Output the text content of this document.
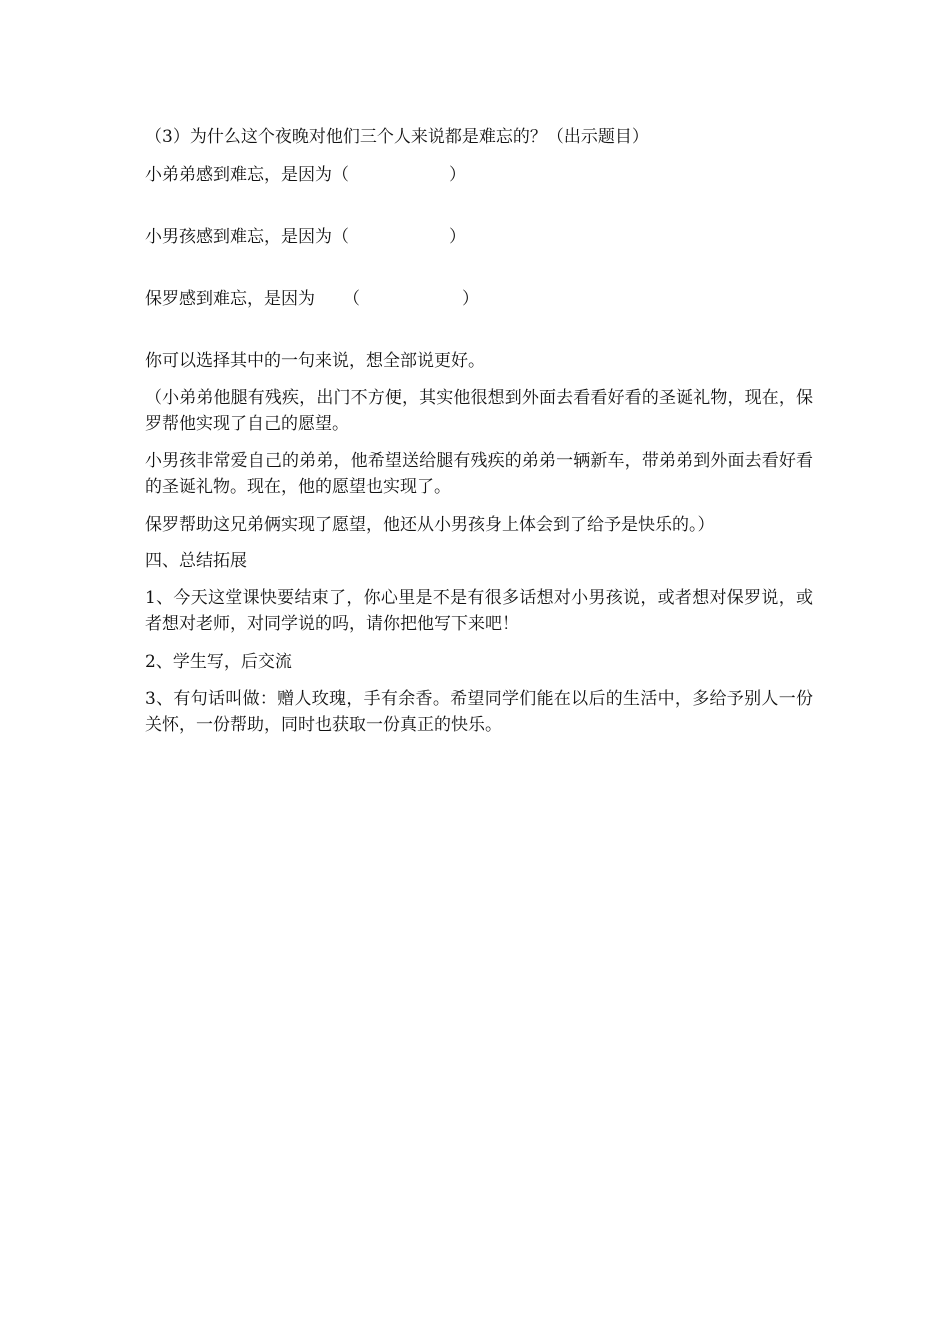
（3）为什么这个夜晚对他们三个人来说都是难忘的？（出示题目）
小弟弟感到难忘，是因为（	）
小男孩感到难忘，是因为（	）
保罗感到难忘，是因为 （	）
你可以选择其中的一句来说，想全部说更好。
（小弟弟他腿有残疾，出门不方便，其实他很想到外面去看看好看的圣诞礼物，现在，保罗帮他实现了自己的愿望。
小男孩非常爱自己的弟弟，他希望送给腿有残疾的弟弟一辆新车，带弟弟到外面去看好看的圣诞礼物。现在，他的愿望也实现了。
保罗帮助这兄弟俩实现了愿望，他还从小男孩身上体会到了给予是快乐的。）
四、总结拓展
1、今天这堂课快要结束了，你心里是不是有很多话想对小男孩说，或者想对保罗说，或者想对老师，对同学说的吗，请你把他写下来吧！
2、学生写，后交流
3、有句话叫做：赠人玫瑰，手有余香。希望同学们能在以后的生活中，多给予别人一份关怀，一份帮助，同时也获取一份真正的快乐。
